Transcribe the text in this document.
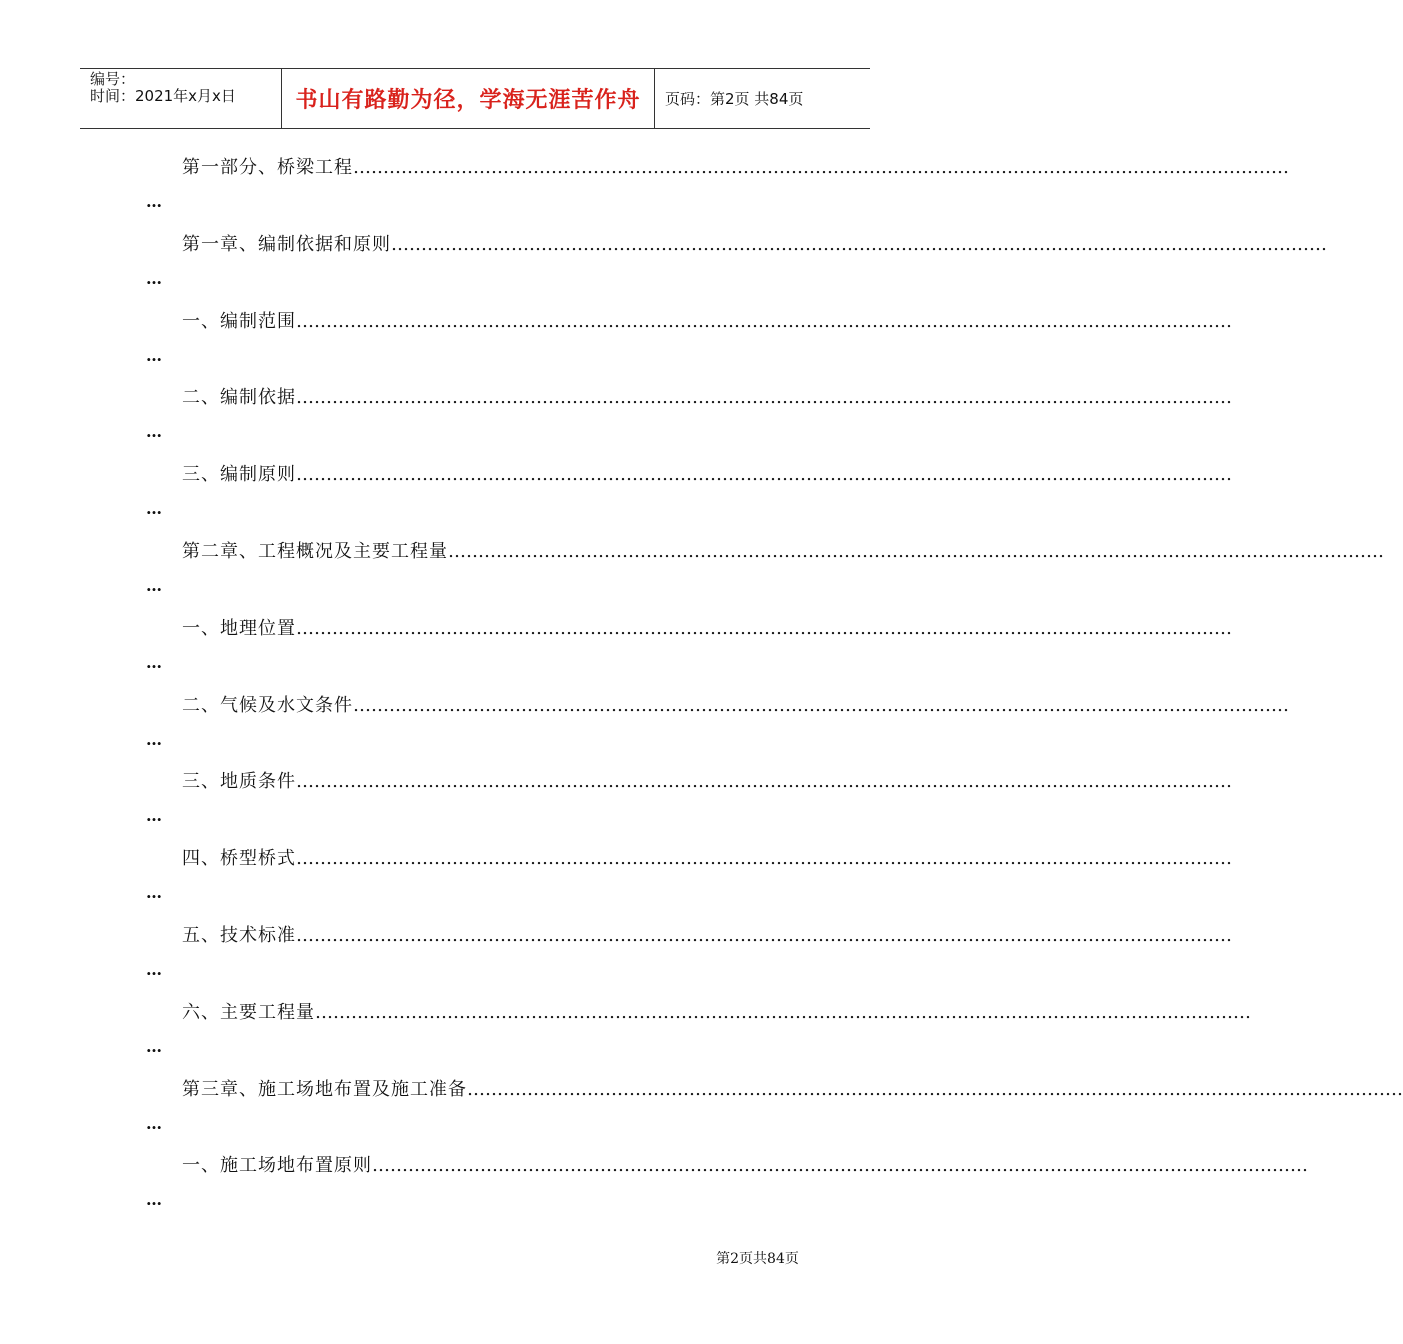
编号：
时间：2021年x月x日	书山有路勤为径，学海无涯苦作舟	页码：第2页 共84页
第一部分、桥梁工程 …………………………………………………………………………………………………………………………………………
…
第一章、编制依据和原则 …………………………………………………………………………………………………………………………………………
…
一、编制范围 …………………………………………………………………………………………………………………………………………
…
二、编制依据 …………………………………………………………………………………………………………………………………………
…
三、编制原则 …………………………………………………………………………………………………………………………………………
…
第二章、工程概况及主要工程量 …………………………………………………………………………………………………………………………………………
…
一、地理位置 …………………………………………………………………………………………………………………………………………
…
二、气候及水文条件 …………………………………………………………………………………………………………………………………………
…
三、地质条件 …………………………………………………………………………………………………………………………………………
…
四、桥型桥式 …………………………………………………………………………………………………………………………………………
…
五、技术标准 …………………………………………………………………………………………………………………………………………
…
六、主要工程量 …………………………………………………………………………………………………………………………………………
…
第三章、施工场地布置及施工准备 …………………………………………………………………………………………………………………………………………
…
一、施工场地布置原则 …………………………………………………………………………………………………………………………………………
…
第2页共84页
